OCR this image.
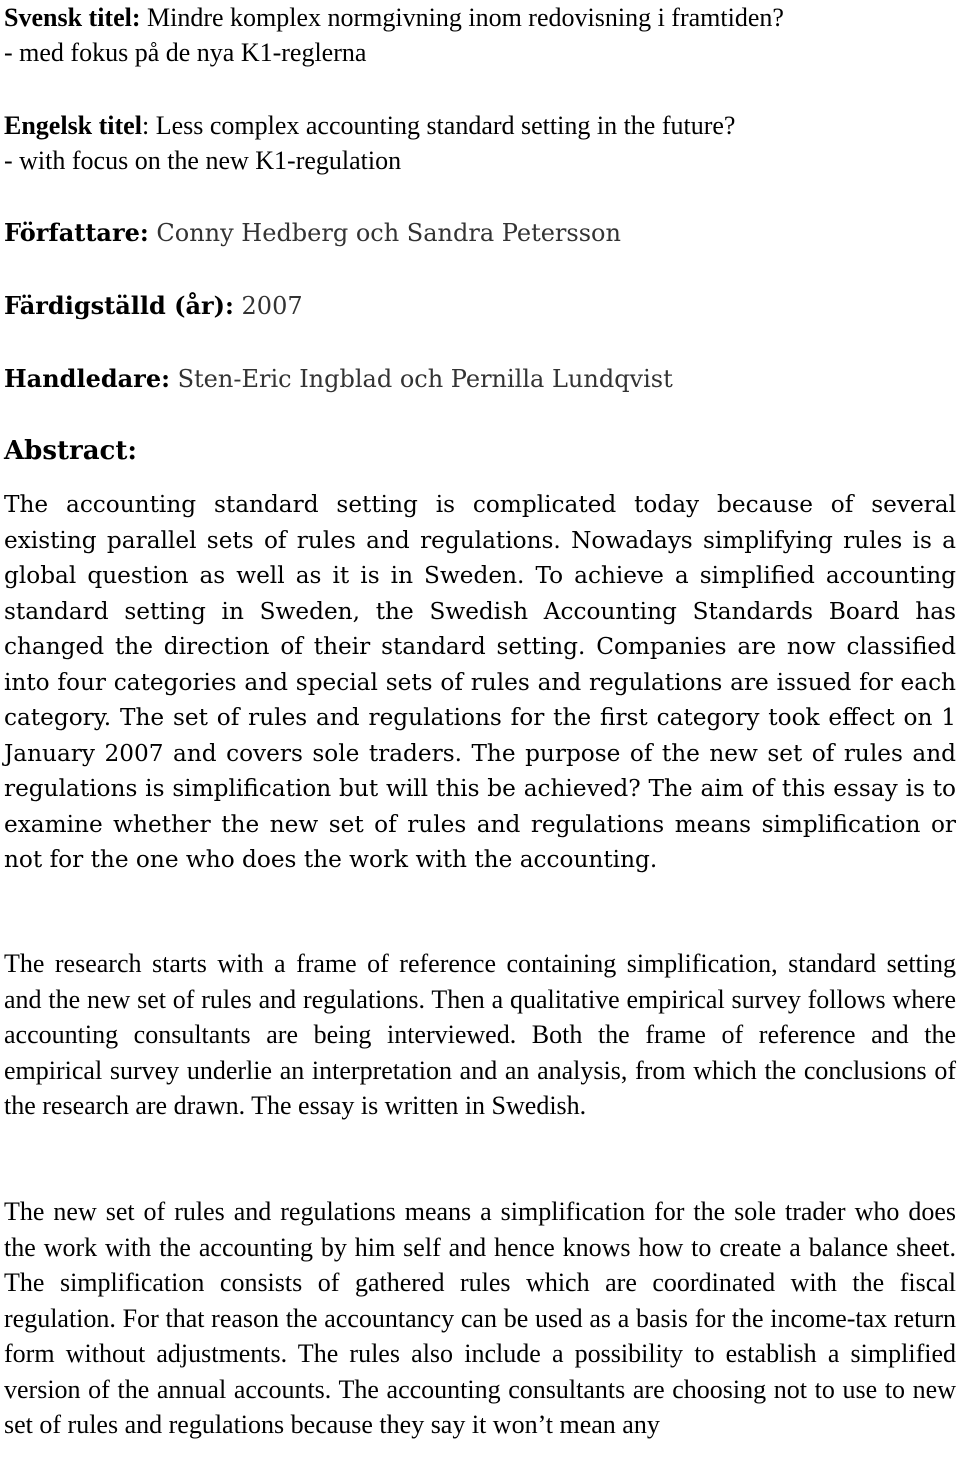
Svensk titel: Mindre komplex normgivning inom redovisning i framtiden?

- med fokus på de nya K1-reglerna

Engelsk titel: Less complex accounting standard setting in the future?

- with focus on the new K1-regulation

Författare: Conny Hedberg och Sandra Petersson

Färdigställd (år): 2007

Handledare: Sten-Eric Ingblad och Pernilla Lundqvist

Abstract:

The accounting standard setting is complicated today because of several existing parallel sets of rules and regulations. Nowadays simplifying rules is a global question as well as it is in Sweden. To achieve a simplified accounting standard setting in Sweden, the Swedish Accounting Standards Board has changed the direction of their standard setting. Companies are now classified into four categories and special sets of rules and regulations are issued for each category. The set of rules and regulations for the first category took effect on 1 January 2007 and covers sole traders. The purpose of the new set of rules and regulations is simplification but will this be achieved? The aim of this essay is to examine whether the new set of rules and regulations means simplification or not for the one who does the work with the accounting.

The research starts with a frame of reference containing simplification, standard setting and the new set of rules and regulations. Then a qualitative empirical survey follows where accounting consultants are being interviewed. Both the frame of reference and the empirical survey underlie an interpretation and an analysis, from which the conclusions of the research are drawn. The essay is written in Swedish.

The new set of rules and regulations means a simplification for the sole trader who does the work with the accounting by him self and hence knows how to create a balance sheet. The simplification consists of gathered rules which are coordinated with the fiscal regulation. For that reason the accountancy can be used as a basis for the income-tax return form without adjustments. The rules also include a possibility to establish a simplified version of the annual accounts. The accounting consultants are choosing not to use to new set of rules and regulations because they say it won’t mean any
